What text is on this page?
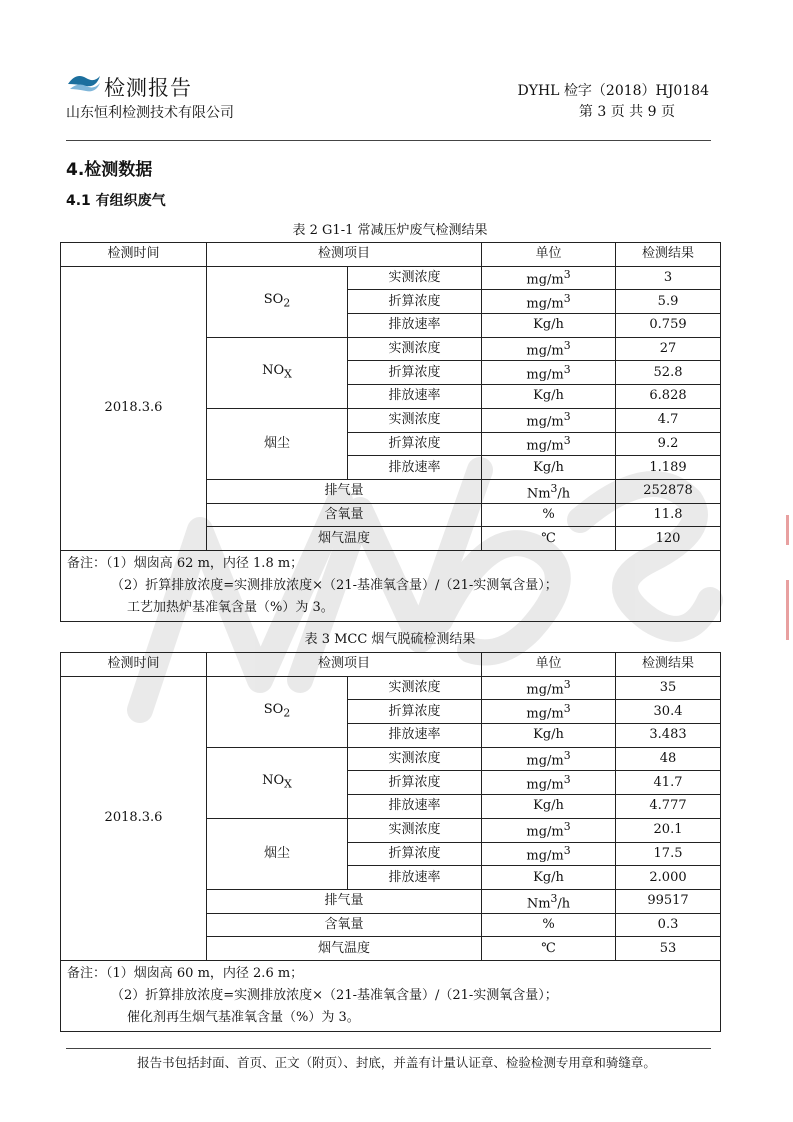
检测报告
山东恒利检测技术有限公司
DYHL 检字（2018）HJ0184
第 3 页 共 9 页
4.检测数据
4.1 有组织废气
表 2 G1-1 常减压炉废气检测结果
检测时间	检测项目		单位	检测结果
2018.3.6	$SO_2$	实测浓度	$mg/m^3$	3
		折算浓度	$mg/m^3$	5.9
		排放速率	Kg/h	0.759
	$NO_X$	实测浓度	$mg/m^3$	27
		折算浓度	$mg/m^3$	52.8
		排放速率	Kg/h	6.828
	烟尘	实测浓度	$mg/m^3$	4.7
		折算浓度	$mg/m^3$	9.2
		排放速率	Kg/h	1.189
	排气量		Nm$^3$/h	252878
	含氧量		%	11.8
	烟气温度		℃	120
备注：（1）烟囱高 62 m，内径 1.8 m；
（2）折算排放浓度=实测排放浓度×（21-基准氧含量）/（21-实测氧含量）；
工艺加热炉基准氧含量（%）为 3。				
表 3 MCC 烟气脱硫检测结果
检测时间	检测项目		单位	检测结果
2018.3.6	$SO_2$	实测浓度	$mg/m^3$	35
		折算浓度	$mg/m^3$	30.4
		排放速率	Kg/h	3.483
	$NO_X$	实测浓度	$mg/m^3$	48
		折算浓度	$mg/m^3$	41.7
		排放速率	Kg/h	4.777
	烟尘	实测浓度	$mg/m^3$	20.1
		折算浓度	$mg/m^3$	17.5
		排放速率	Kg/h	2.000
	排气量		Nm$^3$/h	99517
	含氧量		%	0.3
	烟气温度		℃	53
备注：（1）烟囱高 60 m，内径 2.6 m；
（2）折算排放浓度=实测排放浓度×（21-基准氧含量）/（21-实测氧含量）；
催化剂再生烟气基准氧含量（%）为 3。				
报告书包括封面、首页、正文（附页）、封底，并盖有计量认证章、检验检测专用章和骑缝章。
